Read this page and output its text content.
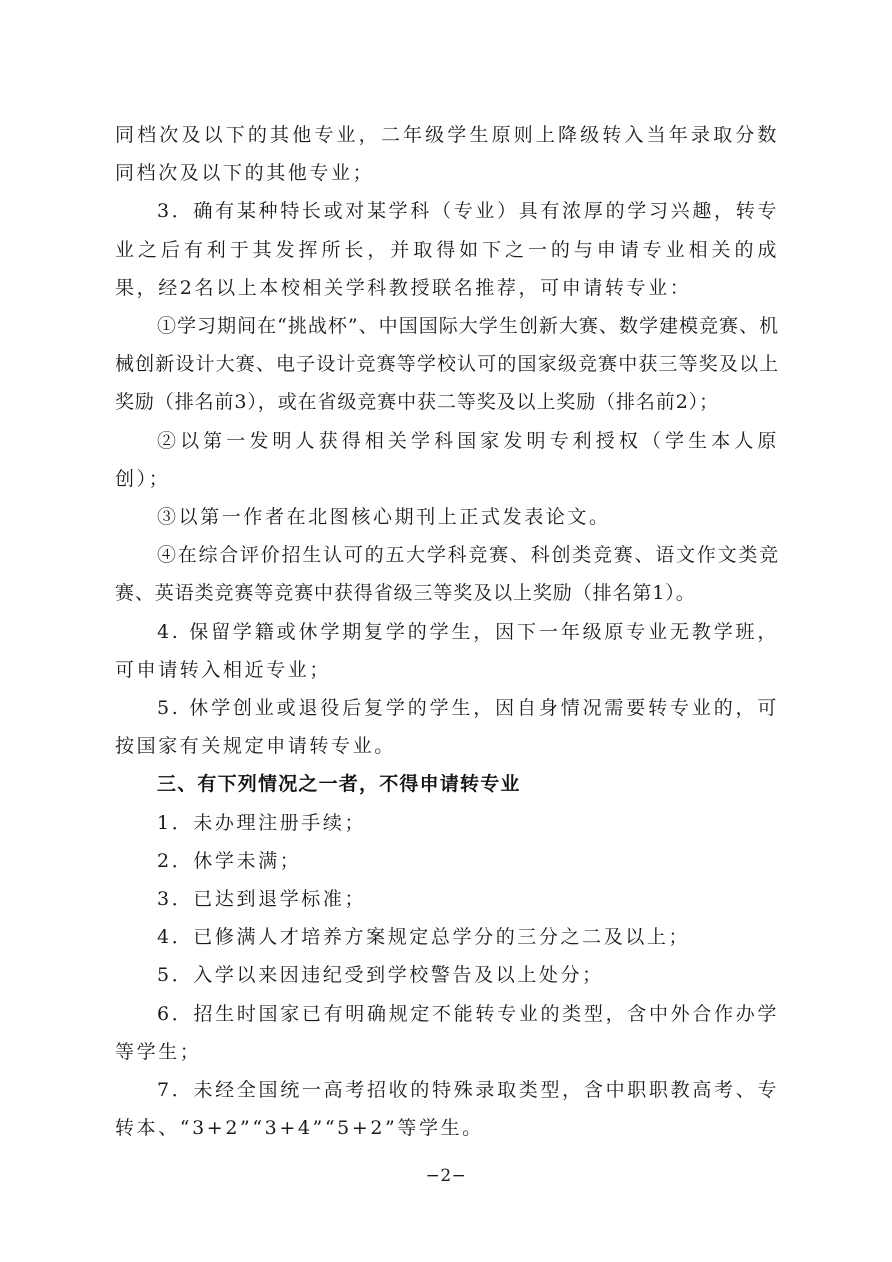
同档次及以下的其他专业，二年级学生原则上降级转入当年录取分数同档次及以下的其他专业；

3．确有某种特长或对某学科（专业）具有浓厚的学习兴趣，转专业之后有利于其发挥所长，并取得如下之一的与申请专业相关的成果，经2名以上本校相关学科教授联名推荐，可申请转专业：

①学习期间在“挑战杯”、中国国际大学生创新大赛、数学建模竞赛、机械创新设计大赛、电子设计竞赛等学校认可的国家级竞赛中获三等奖及以上奖励（排名前3），或在省级竞赛中获二等奖及以上奖励（排名前2）；

②以第一发明人获得相关学科国家发明专利授权（学生本人原创）；

③以第一作者在北图核心期刊上正式发表论文。

④在综合评价招生认可的五大学科竞赛、科创类竞赛、语文作文类竞赛、英语类竞赛等竞赛中获得省级三等奖及以上奖励（排名第1）。

4. 保留学籍或休学期复学的学生，因下一年级原专业无教学班，可申请转入相近专业；

5. 休学创业或退役后复学的学生，因自身情况需要转专业的，可按国家有关规定申请转专业。

三、有下列情况之一者，不得申请转专业

1．未办理注册手续；

2．休学未满；

3．已达到退学标准；

4．已修满人才培养方案规定总学分的三分之二及以上；

5．入学以来因违纪受到学校警告及以上处分；

6．招生时国家已有明确规定不能转专业的类型，含中外合作办学等学生；

7．未经全国统一高考招收的特殊录取类型，含中职职教高考、专转本、“3+2”“3+4”“5+2”等学生。

−2−
